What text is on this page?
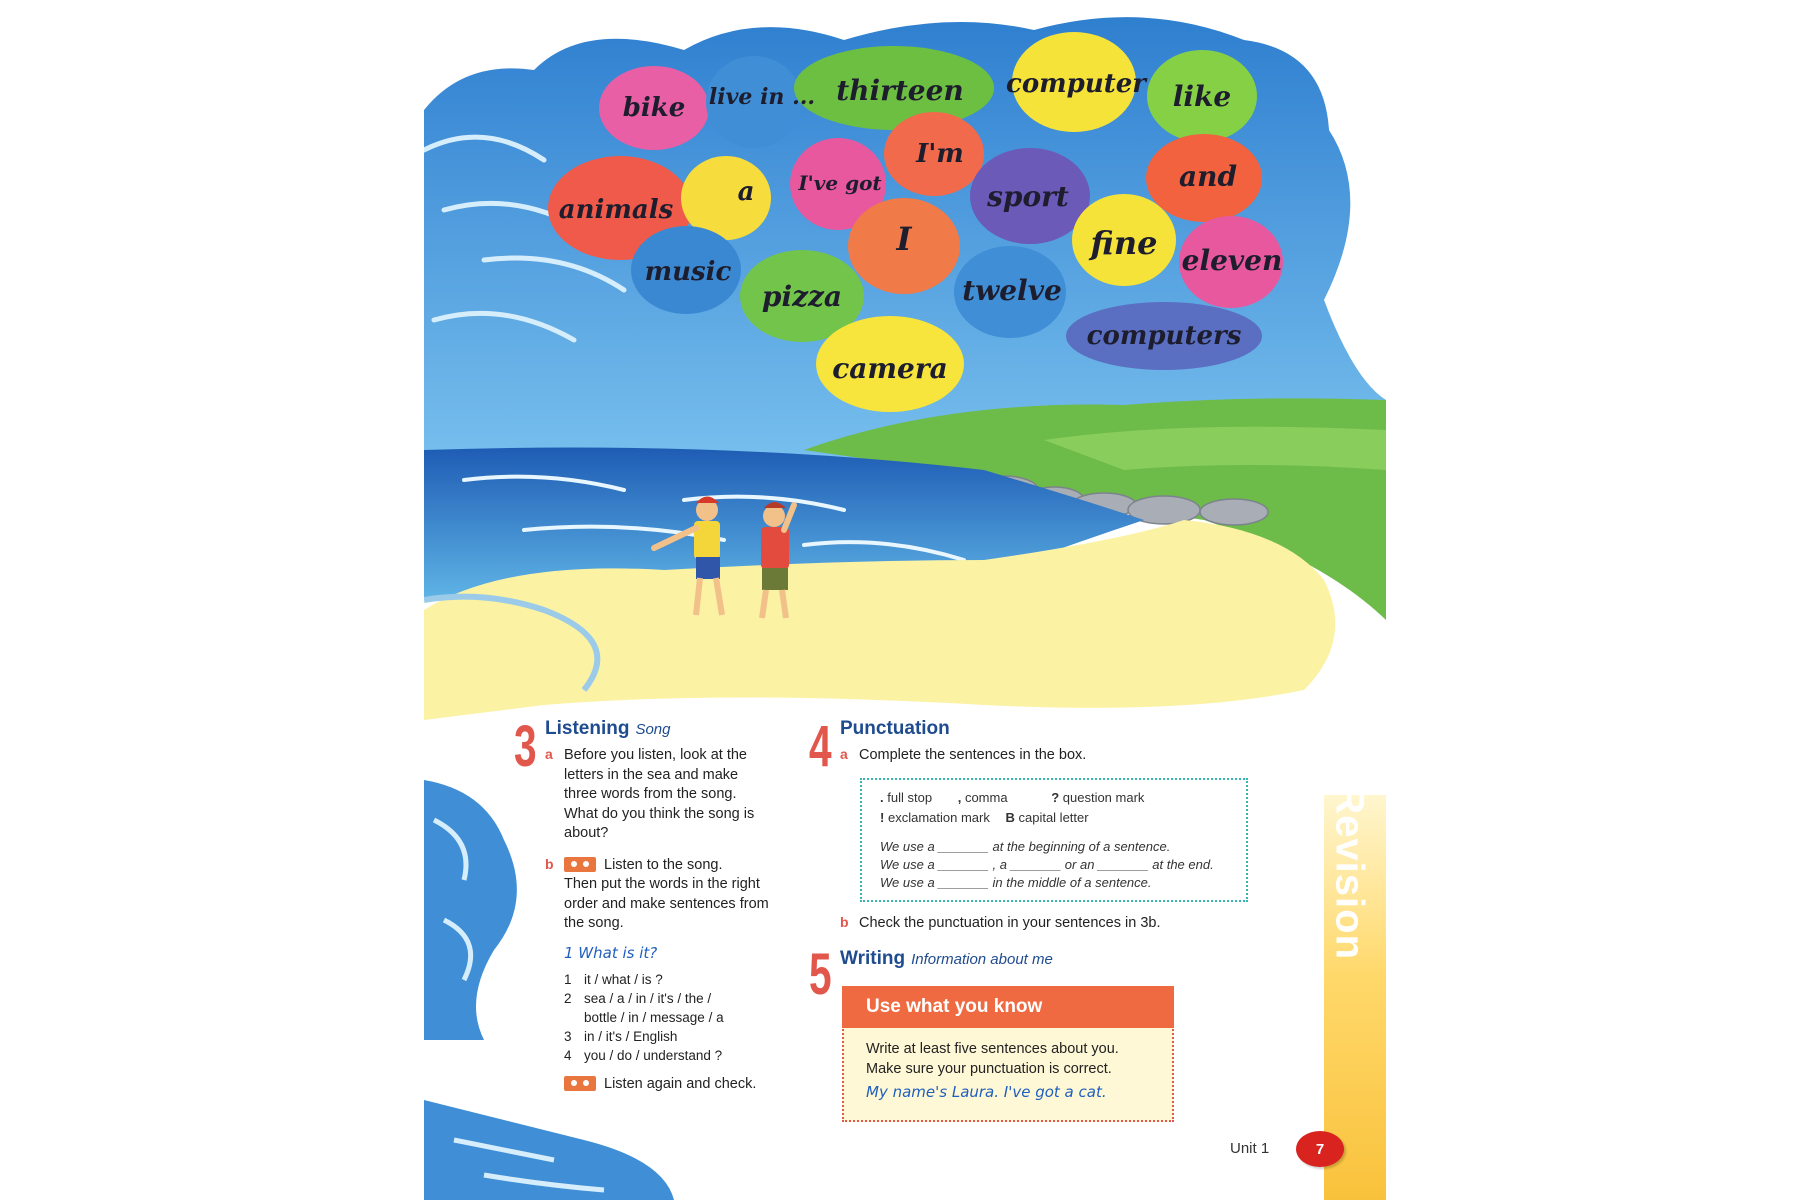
bike live in ... thirteen computer like
animals
a I've got
I'm
sport
and
music
I	fine eleven
pizza	twelve
computers
camera
3 Listening Song
a Before you listen, look at the letters in the sea and make three words from the song. What do you think the song is about?
b	Listen to the song.
Then put the words in the right order and make sentences from the song.
1 What is it?
1 it / what / is ?
2 sea / a / in / it's / the /
bottle / in / message / a
3 in / it's / English
4 you / do / understand ?
Listen again and check.
4 Punctuation
a Complete the sentences in the box.
. full stop , comma	? question mark
! exclamation mark B capital letter
We use a _______ at the beginning of a sentence.
We use a _______ , a _______ or an _______ at the end.
We use a _______ in the middle of a sentence.
b Check the punctuation in your sentences in 3b.
5 Writing Information about me
Use what you know
Write at least five sentences about you.
Make sure your punctuation is correct.
My name's Laura. I've got a cat.
Revision
Unit 1	7
